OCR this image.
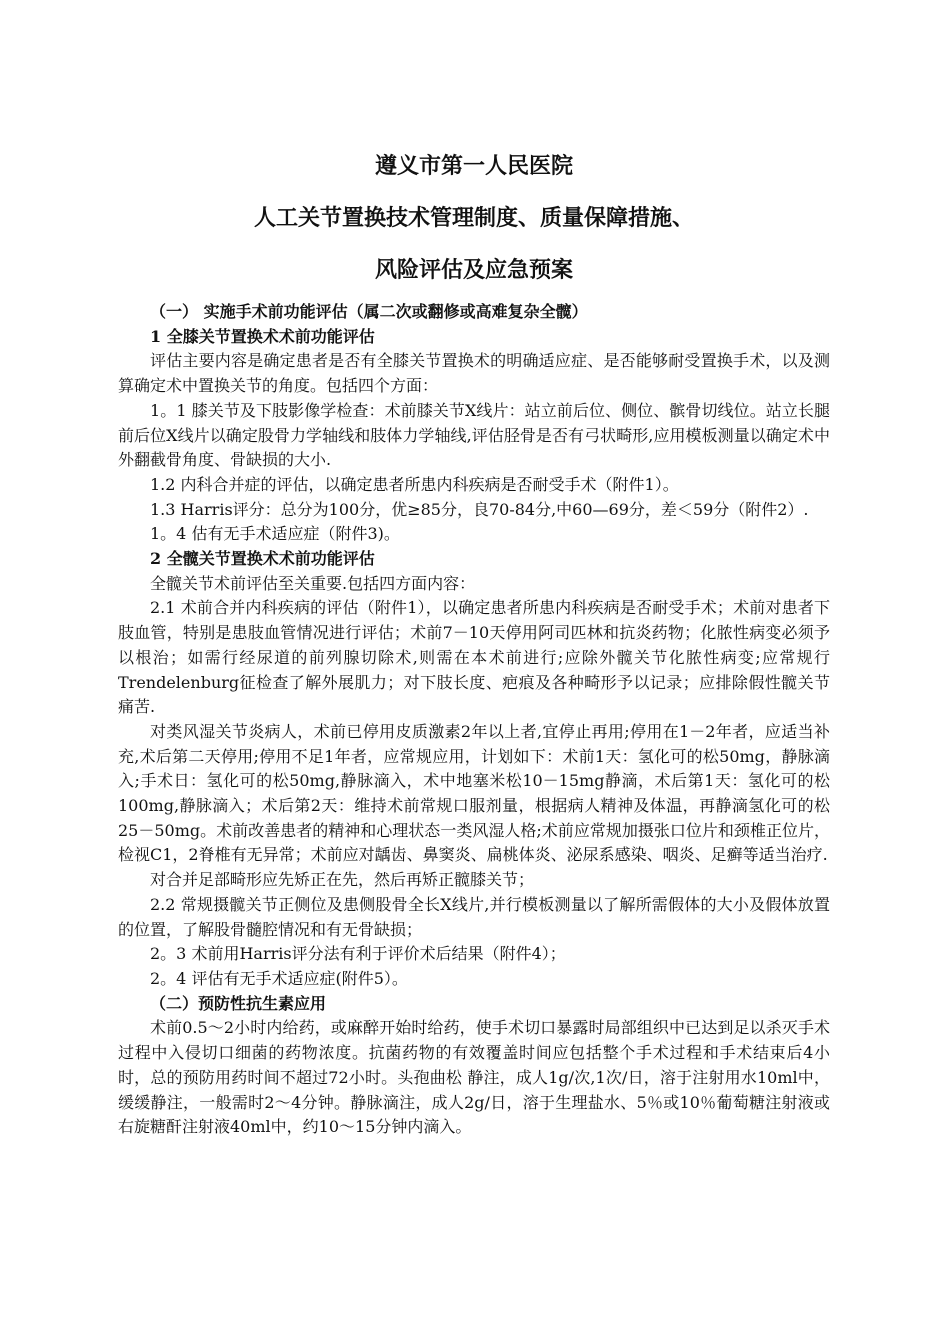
遵义市第一人民医院
人工关节置换技术管理制度、质量保障措施、
风险评估及应急预案

（一） 实施手术前功能评估（属二次或翻修或高难复杂全髋）

1 全膝关节置换术术前功能评估

评估主要内容是确定患者是否有全膝关节置换术的明确适应症、是否能够耐受置换手术，以及测算确定术中置换关节的角度。包括四个方面：

1。1 膝关节及下肢影像学检查：术前膝关节X线片：站立前后位、侧位、髌骨切线位。站立长腿前后位X线片以确定股骨力学轴线和肢体力学轴线,评估胫骨是否有弓状畸形,应用模板测量以确定术中外翻截骨角度、骨缺损的大小.

1.2 内科合并症的评估，以确定患者所患内科疾病是否耐受手术（附件1）。

1.3 Harris评分：总分为100分，优≥85分，良70-84分,中60—69分，差＜59分（附件2）.

1。4 估有无手术适应症（附件3)。

2 全髋关节置换术术前功能评估

全髋关节术前评估至关重要.包括四方面内容：

2.1 术前合并内科疾病的评估（附件1），以确定患者所患内科疾病是否耐受手术；术前对患者下肢血管，特别是患肢血管情况进行评估；术前7－10天停用阿司匹林和抗炎药物；化脓性病变必须予以根治；如需行经尿道的前列腺切除术,则需在本术前进行;应除外髋关节化脓性病变;应常规行Trendelenburg征检查了解外展肌力；对下肢长度、疤痕及各种畸形予以记录；应排除假性髋关节痛苦.

对类风湿关节炎病人，术前已停用皮质激素2年以上者,宜停止再用;停用在1－2年者，应适当补充,术后第二天停用;停用不足1年者，应常规应用，计划如下：术前1天：氢化可的松50mg，静脉滴入;手术日：氢化可的松50mg,静脉滴入，术中地塞米松10－15mg静滴，术后第1天：氢化可的松100mg,静脉滴入；术后第2天：维持术前常规口服剂量，根据病人精神及体温，再静滴氢化可的松25－50mg。术前改善患者的精神和心理状态一类风湿人格;术前应常规加摄张口位片和颈椎正位片，检视C1，2脊椎有无异常；术前应对龋齿、鼻窦炎、扁桃体炎、泌尿系感染、咽炎、足癣等适当治疗.

对合并足部畸形应先矫正在先，然后再矫正髋膝关节；

2.2 常规摄髋关节正侧位及患侧股骨全长X线片,并行模板测量以了解所需假体的大小及假体放置的位置，了解股骨髓腔情况和有无骨缺损；

2。3 术前用Harris评分法有利于评价术后结果（附件4）；

2。4 评估有无手术适应症(附件5）。

（二）预防性抗生素应用

术前0.5～2小时内给药，或麻醉开始时给药，使手术切口暴露时局部组织中已达到足以杀灭手术过程中入侵切口细菌的药物浓度。抗菌药物的有效覆盖时间应包括整个手术过程和手术结束后4小时，总的预防用药时间不超过72小时。头孢曲松 静注，成人1g/次,1次/日，溶于注射用水10ml中，缓缓静注，一般需时2～4分钟。静脉滴注，成人2g/日，溶于生理盐水、5％或10％葡萄糖注射液或右旋糖酐注射液40ml中，约10～15分钟内滴入。
